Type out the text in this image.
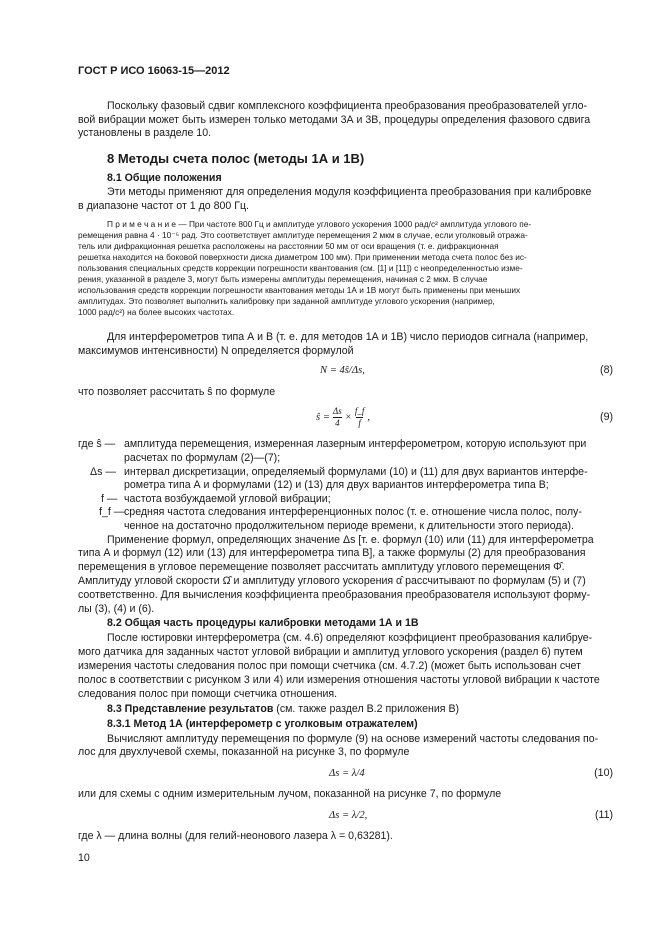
ГОСТ Р ИСО 16063-15—2012
Поскольку фазовый сдвиг комплексного коэффициента преобразования преобразователей угло-
вой вибрации может быть измерен только методами 3А и 3В, процедуры определения фазового сдвига
установлены в разделе 10.
8 Методы счета полос (методы 1А и 1В)
8.1 Общие положения
Эти методы применяют для определения модуля коэффициента преобразования при калибровке
в диапазоне частот от 1 до 800 Гц.
П р и м е ч а н и е — При частоте 800 Гц и амплитуде углового ускорения 1000 рад/с² амплитуда углового пе-
ремещения равна 4 · 10⁻⁵ рад. Это соответствует амплитуде перемещения 2 мкм в случае, если уголковый отража-
тель или дифракционная решетка расположены на расстоянии 50 мм от оси вращения (т. е. дифракционная
решетка находится на боковой поверхности диска диаметром 100 мм). При применении метода счета полос без ис-
пользования специальных средств коррекции погрешности квантования (см. [1] и [11]) с неопределенностью изме-
рения, указанной в разделе 3, могут быть измерены амплитуды перемещения, начиная с 2 мкм. В случае
использования средств коррекции погрешности квантования методы 1А и 1В могут быть применены при меньших
амплитудах. Это позволяет выполнить калибровку при заданной амплитуде углового ускорения (например,
1000 рад/с²) на более высоких частотах.
Для интерферометров типа А и В (т. е. для методов 1А и 1В) число периодов сигнала (например,
максимумов интенсивности) N определяется формулой
N = 4ŝ/Δs,	(8)
что позволяет рассчитать ŝ по формуле
ŝ = $\frac{\Delta s}{4} \times \frac{f\_f}{f}$ ,	(9)
где ŝ — амплитуда перемещения, измеренная лазерным интерферометром, которую используют при
расчетах по формулам (2)—(7);
Δs — интервал дискретизации, определяемый формулами (10) и (11) для двух вариантов интерфе-
рометра типа А и формулами (12) и (13) для двух вариантов интерферометра типа В;
f — частота возбуждаемой угловой вибрации;
f_f — средняя частота следования интерференционных полос (т. е. отношение числа полос, полу-
ченное на достаточно продолжительном периоде времени, к длительности этого периода).
Применение формул, определяющих значение Δs [т. е. формул (10) или (11) для интерферометра
типа А и формул (12) или (13) для интерферометра типа В], а также формулы (2) для преобразования
перемещения в угловое перемещение позволяет рассчитать амплитуду углового перемещения Φ̂.
Амплитуду угловой скорости Ω̂ и амплитуду углового ускорения α̂ рассчитывают по формулам (5) и (7)
соответственно. Для вычисления коэффициента преобразования преобразователя используют форму-
лы (3), (4) и (6).
8.2 Общая часть процедуры калибровки методами 1А и 1В
После юстировки интерферометра (см. 4.6) определяют коэффициент преобразования калибруе-
мого датчика для заданных частот угловой вибрации и амплитуд углового ускорения (раздел 6) путем
измерения частоты следования полос при помощи счетчика (см. 4.7.2) (может быть использован счет
полос в соответствии с рисунком 3 или 4) или измерения отношения частоты угловой вибрации к частоте
следования полос при помощи счетчика отношения.
8.3 Представление результатов (см. также раздел В.2 приложения В)
8.3.1 Метод 1А (интерферометр с уголковым отражателем)
Вычисляют амплитуду перемещения по формуле (9) на основе измерений частоты следования по-
лос для двухлучевой схемы, показанной на рисунке 3, по формуле
Δs = λ/4	(10)
или для схемы с одним измерительным лучом, показанной на рисунке 7, по формуле
Δs = λ/2,	(11)
где λ — длина волны (для гелий-неонового лазера λ = 0,63281).
10
